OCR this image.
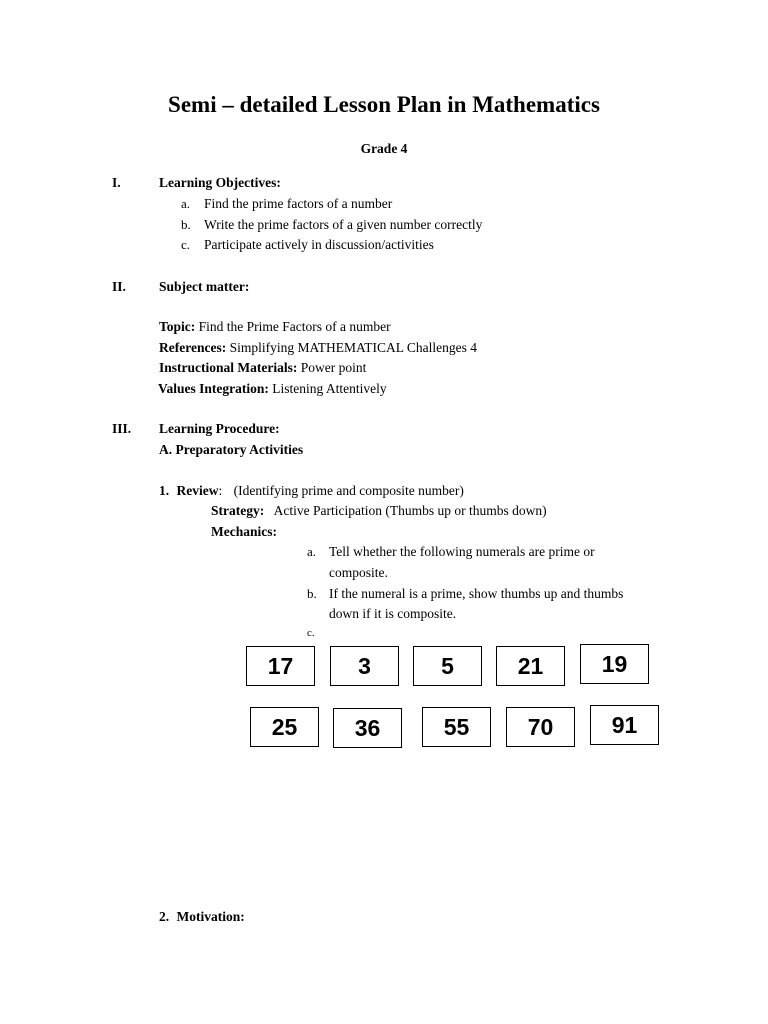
Semi – detailed Lesson Plan in Mathematics
Grade 4
I.	Learning Objectives:
a. Find the prime factors of a number
b. Write the prime factors of a given number correctly
c. Participate actively in discussion/activities
II. Subject matter:
Topic: Find the Prime Factors of a number
References: Simplifying MATHEMATICAL Challenges 4
Instructional Materials: Power point
Values Integration: Listening Attentively
III. Learning Procedure:
A. Preparatory Activities
1. Review: (Identifying prime and composite number)
Strategy: Active Participation (Thumbs up or thumbs down)
Mechanics:
a. Tell whether the following numerals are prime or
composite.
b. If the numeral is a prime, show thumbs up and thumbs
down if it is composite.
c.
17	3	5	21	19
25	36	55	70	91
2. Motivation:
